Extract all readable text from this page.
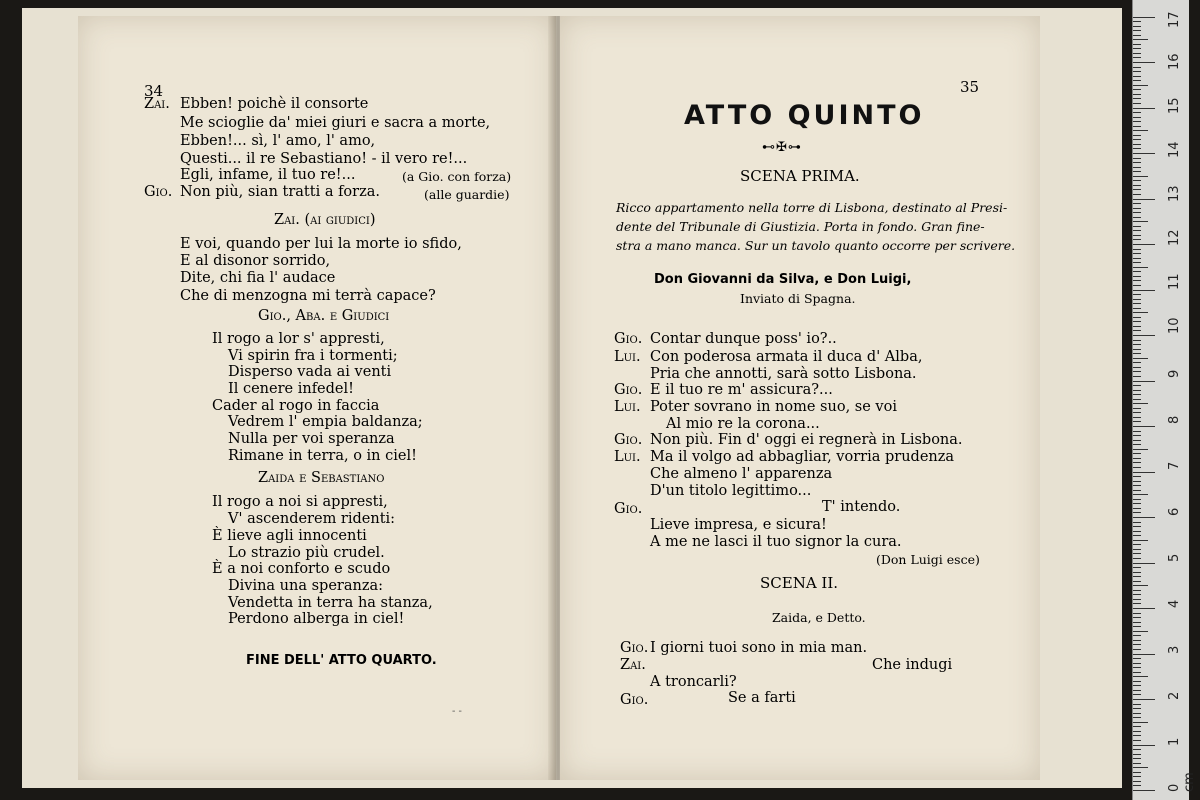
34
Zai. Ebben! poichè il consorte
Me scioglie da' miei giuri e sacra a morte,
Ebben!... sì, l' amo, l' amo,
Questi... il re Sebastiano! - il vero re!...
Egli, infame, il tuo re!...	(a Gio. con forza)
Gio. Non più, sian tratti a forza.	(alle guardie)
Zai. (ai giudici)
E voi, quando per lui la morte io sfido,
E al disonor sorrido,
Dite, chi fia l' audace
Che di menzogna mi terrà capace?
Gio., Aba. e Giudici
Il rogo a lor s' appresti,
Vi spirin fra i tormenti;
Disperso vada ai venti
Il cenere infedel!
Cader al rogo in faccia
Vedrem l' empia baldanza;
Nulla per voi speranza
Rimane in terra, o in ciel!
Zaida e Sebastiano
Il rogo a noi si appresti,
V' ascenderem ridenti:
È lieve agli innocenti
Lo strazio più crudel.
È a noi conforto e scudo
Divina una speranza:
Vendetta in terra ha stanza,
Perdono alberga in ciel!
FINE DELL' ATTO QUARTO.
- -
35
ATTO QUINTO
⊷✠⊶
SCENA PRIMA.
Ricco appartamento nella torre di Lisbona, destinato al Presi-
dente del Tribunale di Giustizia. Porta in fondo. Gran fine-
stra a mano manca. Sur un tavolo quanto occorre per scrivere.
Don Giovanni da Silva, e Don Luigi,
Inviato di Spagna.
Gio. Contar dunque poss' io?..
Lui. Con poderosa armata il duca d' Alba,
Pria che annotti, sarà sotto Lisbona.
Gio. E il tuo re m' assicura?...
Lui. Poter sovrano in nome suo, se voi
Al mio re la corona...
Gio. Non più. Fin d' oggi ei regnerà in Lisbona.
Lui. Ma il volgo ad abbagliar, vorria prudenza
Che almeno l' apparenza
D'un titolo legittimo...
Gio.	T' intendo.
Lieve impresa, e sicura!
A me ne lasci il tuo signor la cura.
(Don Luigi esce)
SCENA II.
Zaida, e Detto.
Gio. I giorni tuoi sono in mia man.
Zai.	Che indugi
A troncarli?
Gio.	Se a farti
0 cm
1
2
3
4
5
6
7
8
9
10
11
12
13
14
15
16
17
